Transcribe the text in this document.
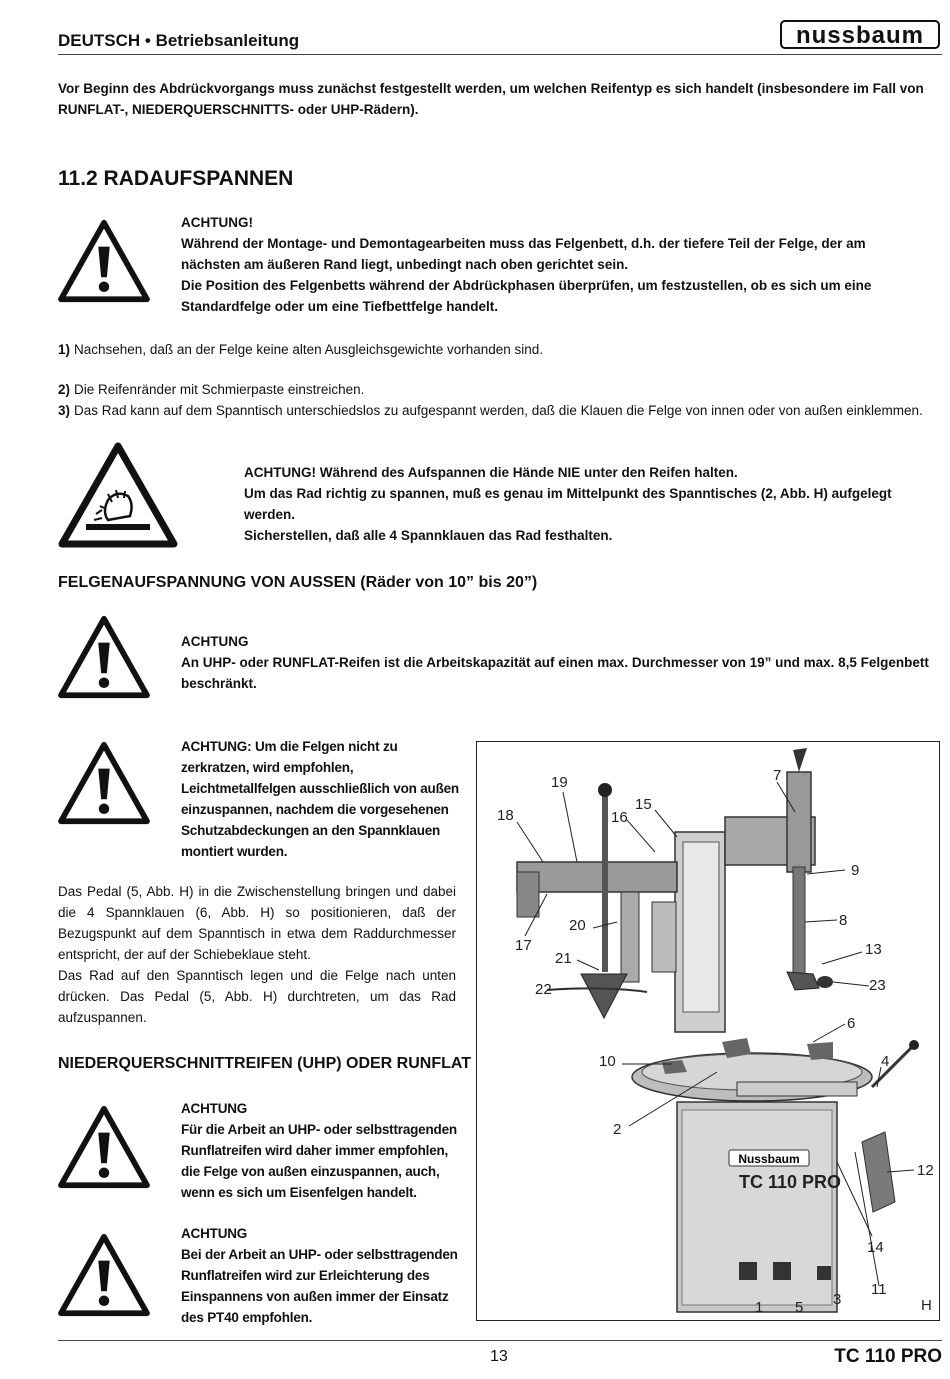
DEUTSCH • Betriebsanleitung	nussbaum
Vor Beginn des Abdrückvorgangs muss zunächst festgestellt werden, um welchen Reifentyp es sich handelt (insbesondere im Fall von RUNFLAT-, NIEDERQUERSCHNITTS- oder UHP-Rädern).
11.2 RADAUFSPANNEN
ACHTUNG!
Während der Montage- und Demontagearbeiten muss das Felgenbett, d.h. der tiefere Teil der Felge, der am nächsten am äußeren Rand liegt, unbedingt nach oben gerichtet sein.
Die Position des Felgenbetts während der Abdrückphasen überprüfen, um festzustellen, ob es sich um eine Standardfelge oder um eine Tiefbettfelge handelt.
1) Nachsehen, daß an der Felge keine alten Ausgleichsgewichte vorhanden sind.
2) Die Reifenränder mit Schmierpaste einstreichen.
3) Das Rad kann auf dem Spanntisch unterschiedslos zu aufgespannt werden, daß die Klauen die Felge von innen oder von außen einklemmen.
ACHTUNG! Während des Aufspannen die Hände NIE unter den Reifen halten.
Um das Rad richtig zu spannen, muß es genau im Mittelpunkt des Spanntisches (2, Abb. H) aufgelegt werden.
Sicherstellen, daß alle 4 Spannklauen das Rad festhalten.
FELGENAUFSPANNUNG VON AUSSEN (Räder von 10” bis 20”)
ACHTUNG
An UHP- oder RUNFLAT-Reifen ist die Arbeitskapazität auf einen max. Durchmesser von 19” und max. 8,5 Felgenbett beschränkt.
ACHTUNG: Um die Felgen nicht zu zerkratzen, wird empfohlen, Leichtmetallfelgen ausschließlich von außen einzuspannen, nachdem die vorgesehenen Schutzabdeckungen an den Spannklauen montiert wurden.
Das Pedal (5, Abb. H) in die Zwischenstellung bringen und dabei die 4 Spannklauen (6, Abb. H) so positionieren, daß der Bezugspunkt auf dem Spanntisch in etwa dem Raddurchmesser entspricht, der auf der Schiebeklaue steht.
Das Rad auf den Spanntisch legen und die Felge nach unten drücken. Das Pedal (5, Abb. H) durchtreten, um das Rad aufzuspannen.
NIEDERQUERSCHNITTREIFEN (UHP) ODER RUNFLAT
ACHTUNG
Für die Arbeit an UHP- oder selbsttragenden Runflatreifen wird daher immer empfohlen, die Felge von außen einzuspannen, auch, wenn es sich um Eisenfelgen handelt.
ACHTUNG
Bei der Arbeit an UHP- oder selbsttragenden Runflatreifen wird zur Erleichterung des Einspannens von außen immer der Einsatz des PT40 empfohlen.
Nussbaum
TC 110 PRO
19	7
15
18	16
9
8
20
17	13
21
22	23
6
10	4
2
12
14
11
1 5 3	H
13	TC 110 PRO
